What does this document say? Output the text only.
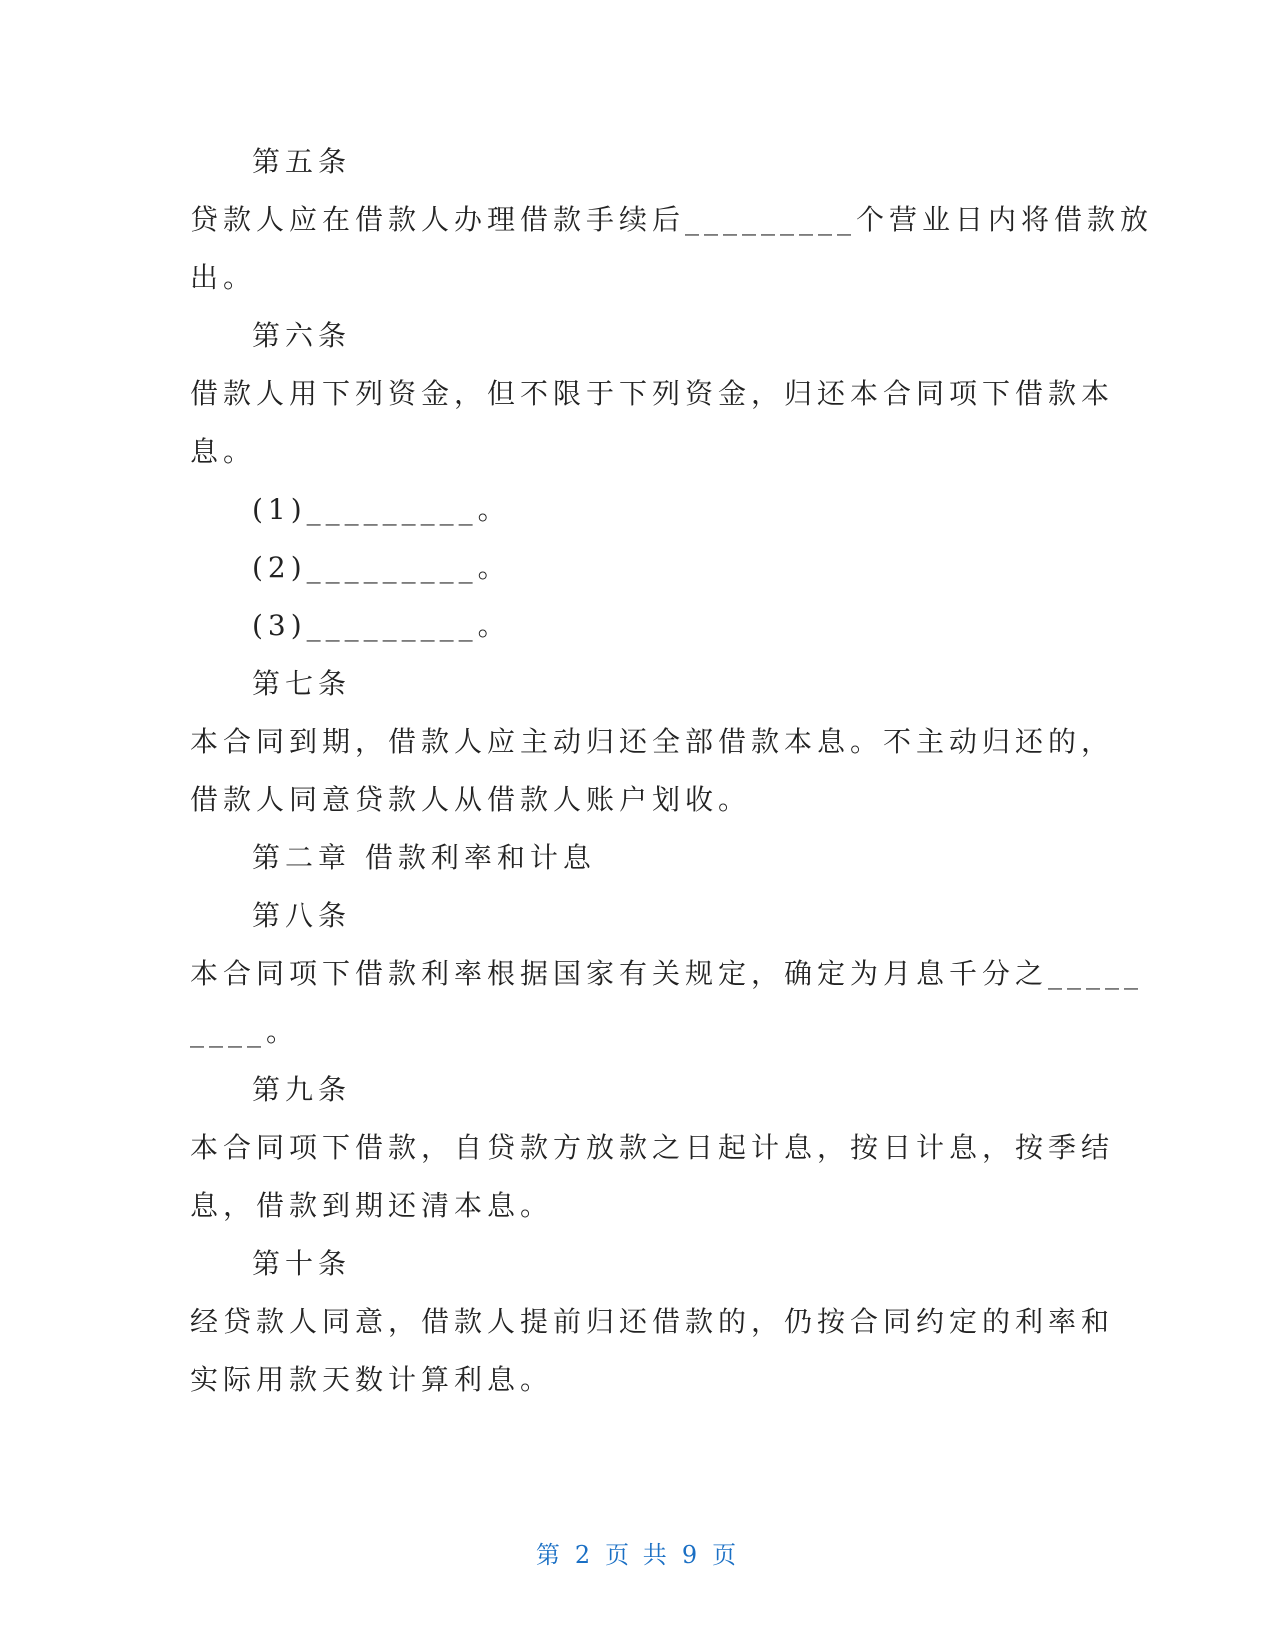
第五条
贷款人应在借款人办理借款手续后_________个营业日内将借款放
出。
第六条
借款人用下列资金，但不限于下列资金，归还本合同项下借款本
息。
(1)_________。
(2)_________。
(3)_________。
第七条
本合同到期，借款人应主动归还全部借款本息。不主动归还的，
借款人同意贷款人从借款人账户划收。
第二章 借款利率和计息
第八条
本合同项下借款利率根据国家有关规定，确定为月息千分之_____
____。
第九条
本合同项下借款，自贷款方放款之日起计息，按日计息，按季结
息，借款到期还清本息。
第十条
经贷款人同意，借款人提前归还借款的，仍按合同约定的利率和
实际用款天数计算利息。
第 2 页 共 9 页
